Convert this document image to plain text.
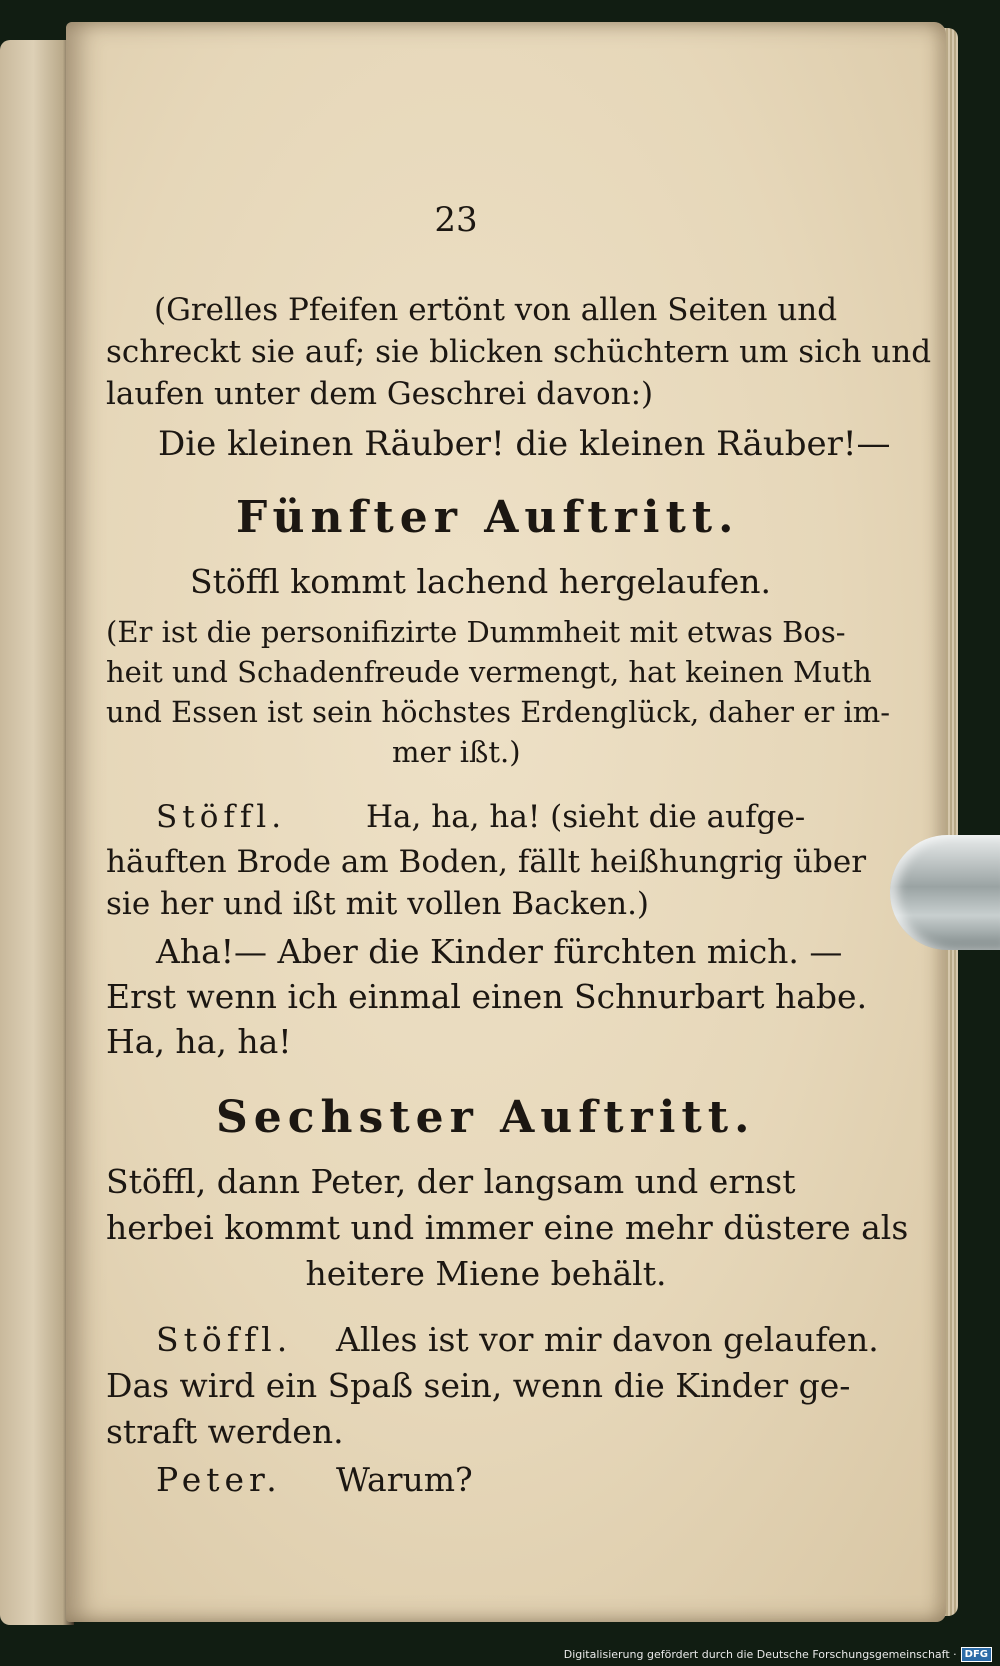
23
(Grelles Pfeifen ertönt von allen Seiten und
schreckt sie auf; sie blicken schüchtern um sich und
laufen unter dem Geschrei davon:)
Die kleinen Räuber! die kleinen Räuber!—
Fünfter Auftritt.
Stöffl kommt lachend hergelaufen.
(Er ist die personifizirte Dummheit mit etwas Bos-
heit und Schadenfreude vermengt, hat keinen Muth
und Essen ist sein höchstes Erdenglück, daher er im-
mer ißt.)
Stöffl.	Ha, ha, ha! (sieht die aufge-
häuften Brode am Boden, fällt heißhungrig über
sie her und ißt mit vollen Backen.)
Aha!— Aber die Kinder fürchten mich. —
Erst wenn ich einmal einen Schnurbart habe.
Ha, ha, ha!
Sechster Auftritt.
Stöffl, dann Peter, der langsam und ernst
herbei kommt und immer eine mehr düstere als
heitere Miene behält.
Stöffl. Alles ist vor mir davon gelaufen.
Das wird ein Spaß sein, wenn die Kinder ge-
straft werden.
Peter. Warum?
Digitalisierung gefördert durch die Deutsche Forschungsgemeinschaft · DFG
